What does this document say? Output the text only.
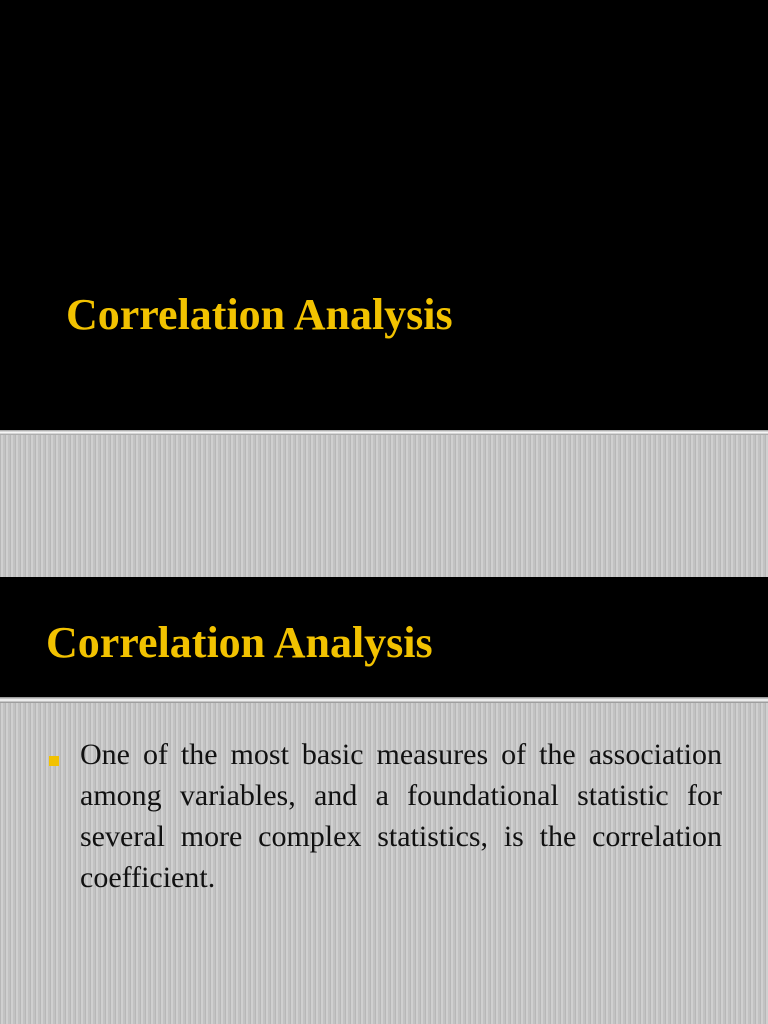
Correlation Analysis
Correlation Analysis
One of the most basic measures of the association among variables, and a foundational statistic for several more complex statistics, is the correlation coefficient.
